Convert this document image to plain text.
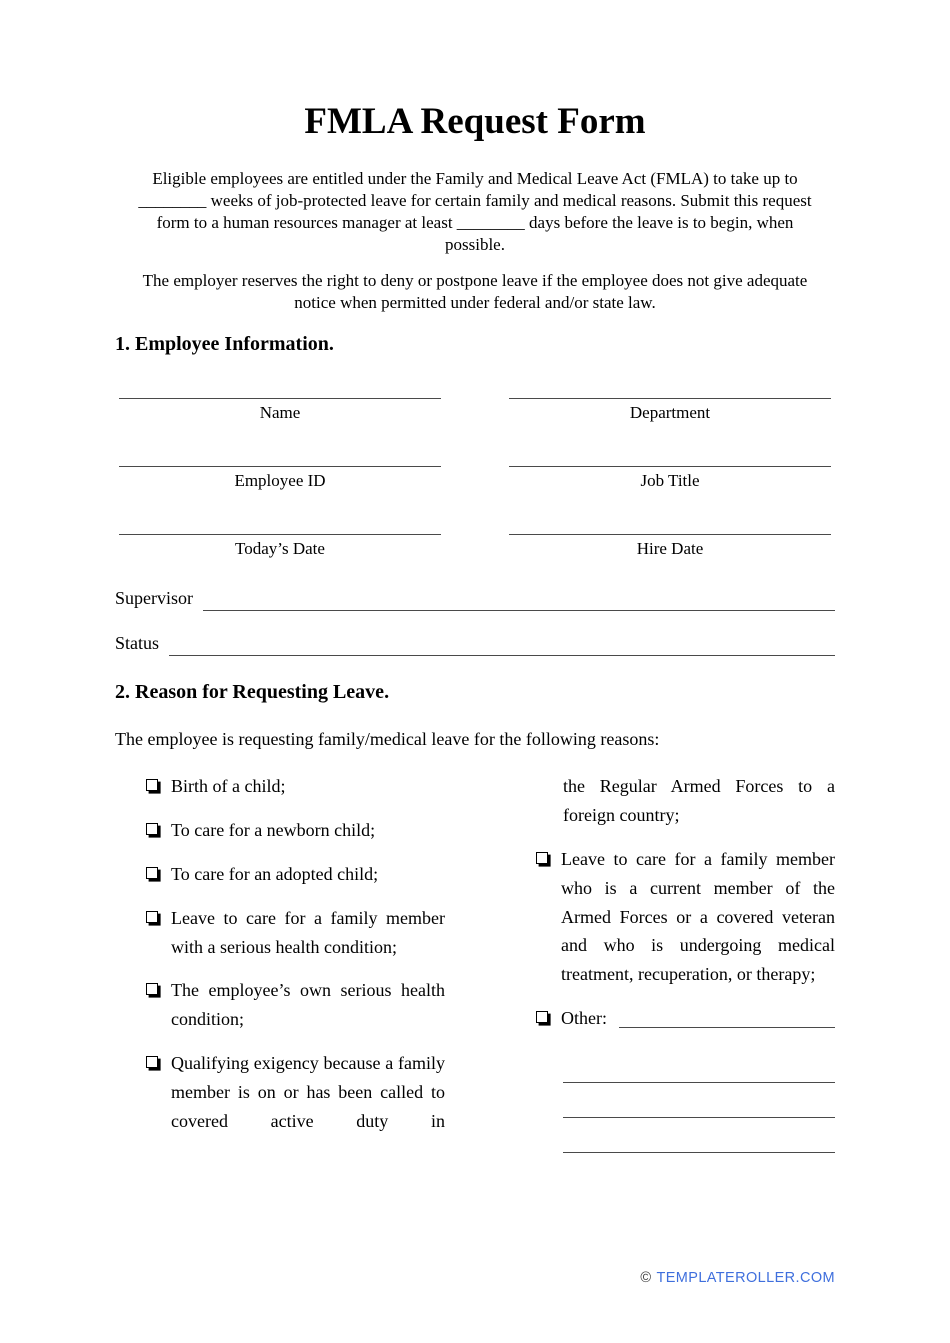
FMLA Request Form

Eligible employees are entitled under the Family and Medical Leave Act (FMLA) to take up to ________ weeks of job-protected leave for certain family and medical reasons. Submit this request form to a human resources manager at least ________ days before the leave is to begin, when possible.

The employer reserves the right to deny or postpone leave if the employee does not give adequate notice when permitted under federal and/or state law.

1. Employee Information.
Name	Department
Employee ID	Job Title
Today’s Date	Hire Date
Supervisor
Status
2. Reason for Requesting Leave.

The employee is requesting family/medical leave for the following reasons:

Birth of a child;
To care for a newborn child;
To care for an adopted child;
Leave to care for a family member with a serious health condition;
The employee’s own serious health condition;
Qualifying exigency because a family member is on or has been called to covered active duty in
the Regular Armed Forces to a foreign country;
Leave to care for a family member who is a current member of the Armed Forces or a covered veteran and who is undergoing medical treatment, recuperation, or therapy;
Other:
© TEMPLATEROLLER.COM
